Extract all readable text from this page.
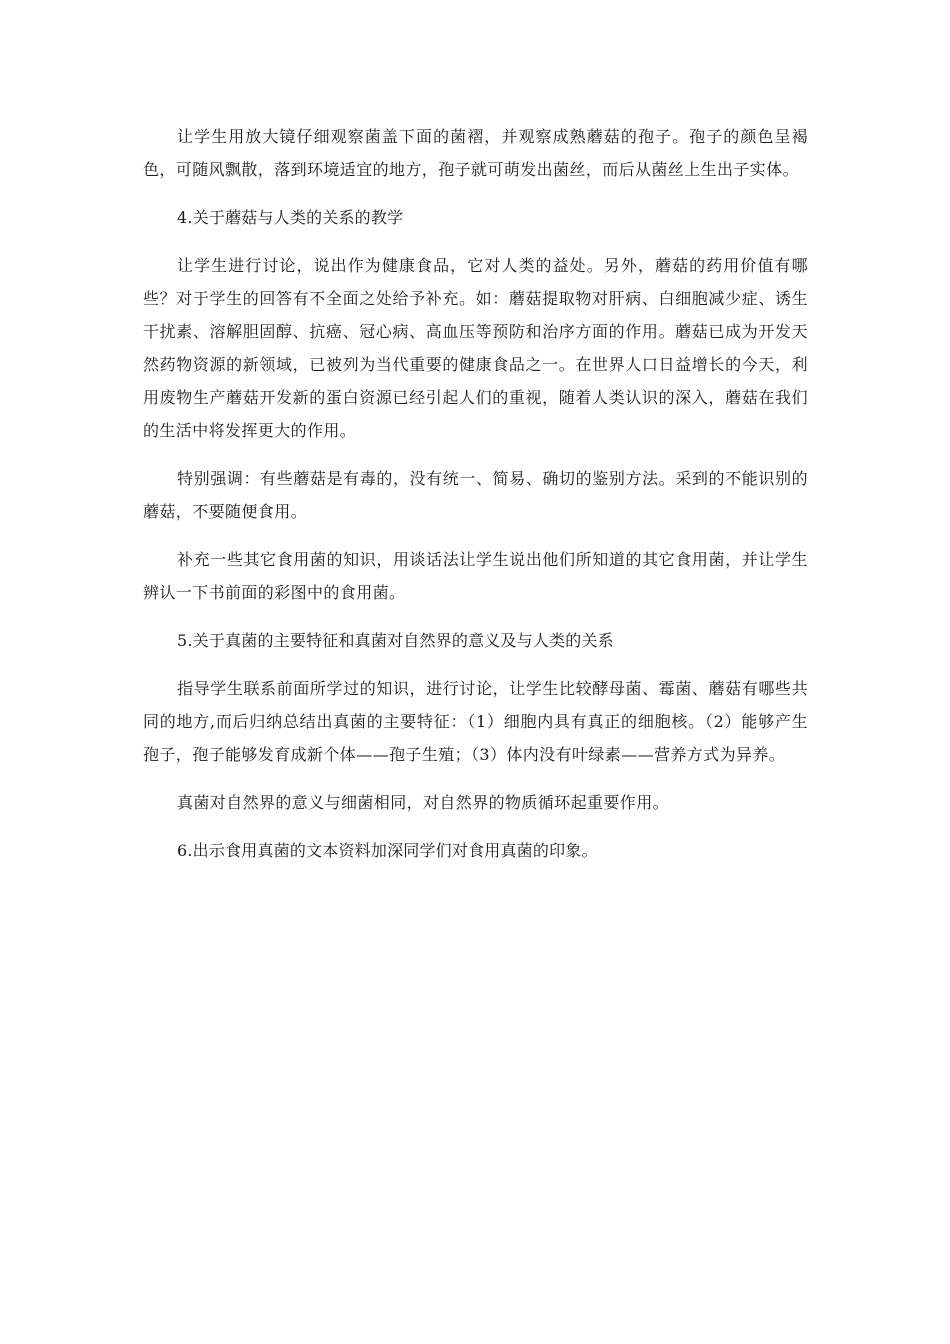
让学生用放大镜仔细观察菌盖下面的菌褶，并观察成熟蘑菇的孢子。孢子的颜色呈褐色，可随风飘散，落到环境适宜的地方，孢子就可萌发出菌丝，而后从菌丝上生出子实体。

4.关于蘑菇与人类的关系的教学

让学生进行讨论，说出作为健康食品，它对人类的益处。另外，蘑菇的药用价值有哪些？对于学生的回答有不全面之处给予补充。如：蘑菇提取物对肝病、白细胞减少症、诱生干扰素、溶解胆固醇、抗癌、冠心病、高血压等预防和治序方面的作用。蘑菇已成为开发天然药物资源的新领域，已被列为当代重要的健康食品之一。在世界人口日益增长的今天，利用废物生产蘑菇开发新的蛋白资源已经引起人们的重视，随着人类认识的深入，蘑菇在我们的生活中将发挥更大的作用。

特别强调：有些蘑菇是有毒的，没有统一、简易、确切的鉴别方法。采到的不能识别的蘑菇，不要随便食用。

补充一些其它食用菌的知识，用谈话法让学生说出他们所知道的其它食用菌，并让学生辨认一下书前面的彩图中的食用菌。

5.关于真菌的主要特征和真菌对自然界的意义及与人类的关系

指导学生联系前面所学过的知识，进行讨论，让学生比较酵母菌、霉菌、蘑菇有哪些共同的地方,而后归纳总结出真菌的主要特征：（1）细胞内具有真正的细胞核。（2）能够产生孢子，孢子能够发育成新个体——孢子生殖；（3）体内没有叶绿素——营养方式为异养。

真菌对自然界的意义与细菌相同，对自然界的物质循环起重要作用。

6.出示食用真菌的文本资料加深同学们对食用真菌的印象。
